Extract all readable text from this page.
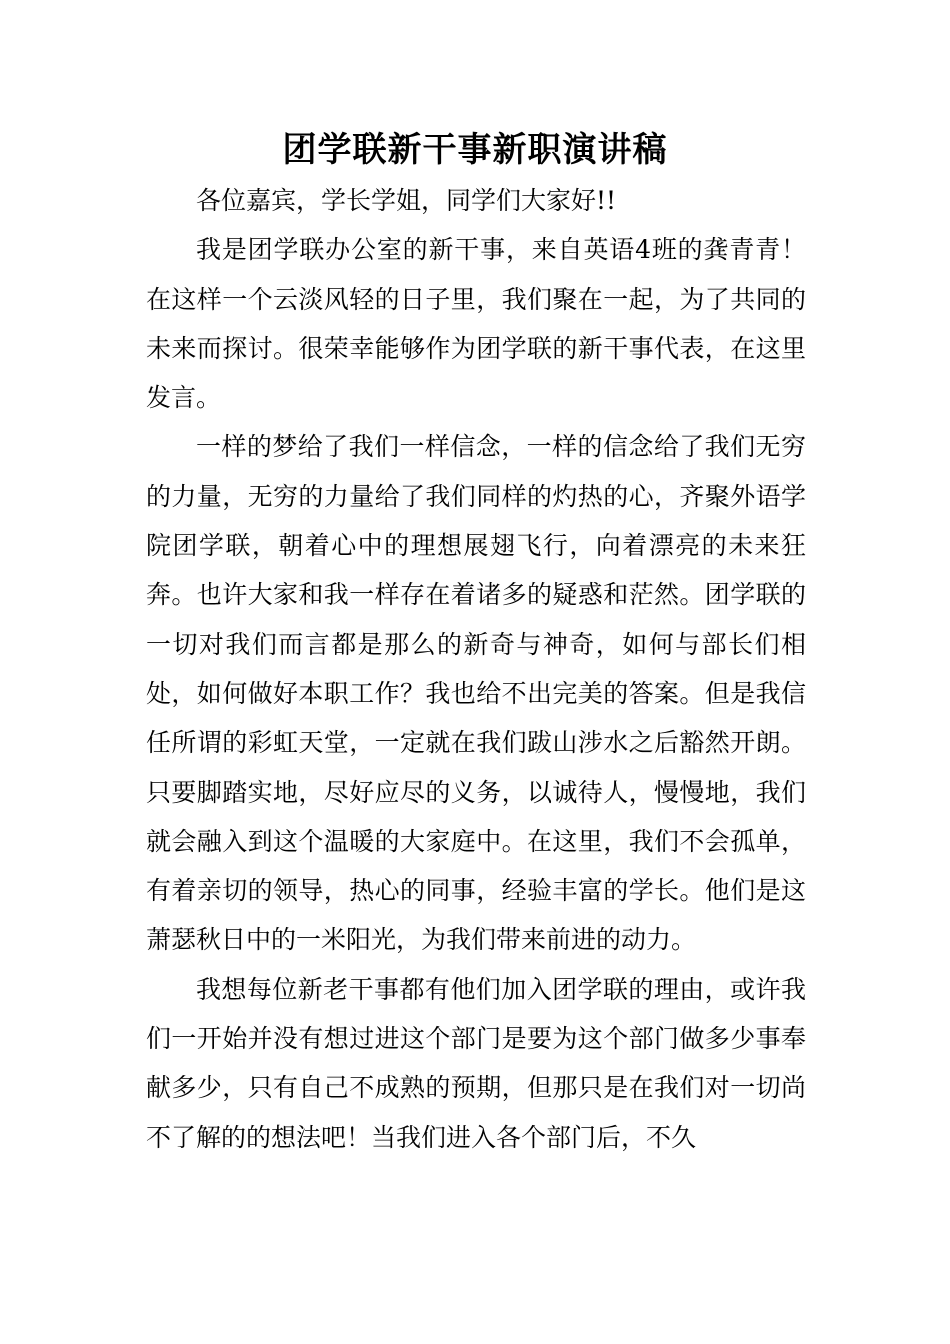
团学联新干事新职演讲稿

各位嘉宾，学长学姐，同学们大家好!!

我是团学联办公室的新干事，来自英语4班的龚青青！在这样一个云淡风轻的日子里，我们聚在一起，为了共同的未来而探讨。很荣幸能够作为团学联的新干事代表，在这里发言。

一样的梦给了我们一样信念，一样的信念给了我们无穷的力量，无穷的力量给了我们同样的灼热的心，齐聚外语学院团学联，朝着心中的理想展翅飞行，向着漂亮的未来狂奔。也许大家和我一样存在着诸多的疑惑和茫然。团学联的一切对我们而言都是那么的新奇与神奇，如何与部长们相处，如何做好本职工作？我也给不出完美的答案。但是我信任所谓的彩虹天堂，一定就在我们跋山涉水之后豁然开朗。只要脚踏实地，尽好应尽的义务，以诚待人，慢慢地，我们就会融入到这个温暖的大家庭中。在这里，我们不会孤单，有着亲切的领导，热心的同事，经验丰富的学长。他们是这萧瑟秋日中的一米阳光，为我们带来前进的动力。

我想每位新老干事都有他们加入团学联的理由，或许我们一开始并没有想过进这个部门是要为这个部门做多少事奉献多少，只有自己不成熟的预期，但那只是在我们对一切尚不了解的的想法吧！当我们进入各个部门后，不久
